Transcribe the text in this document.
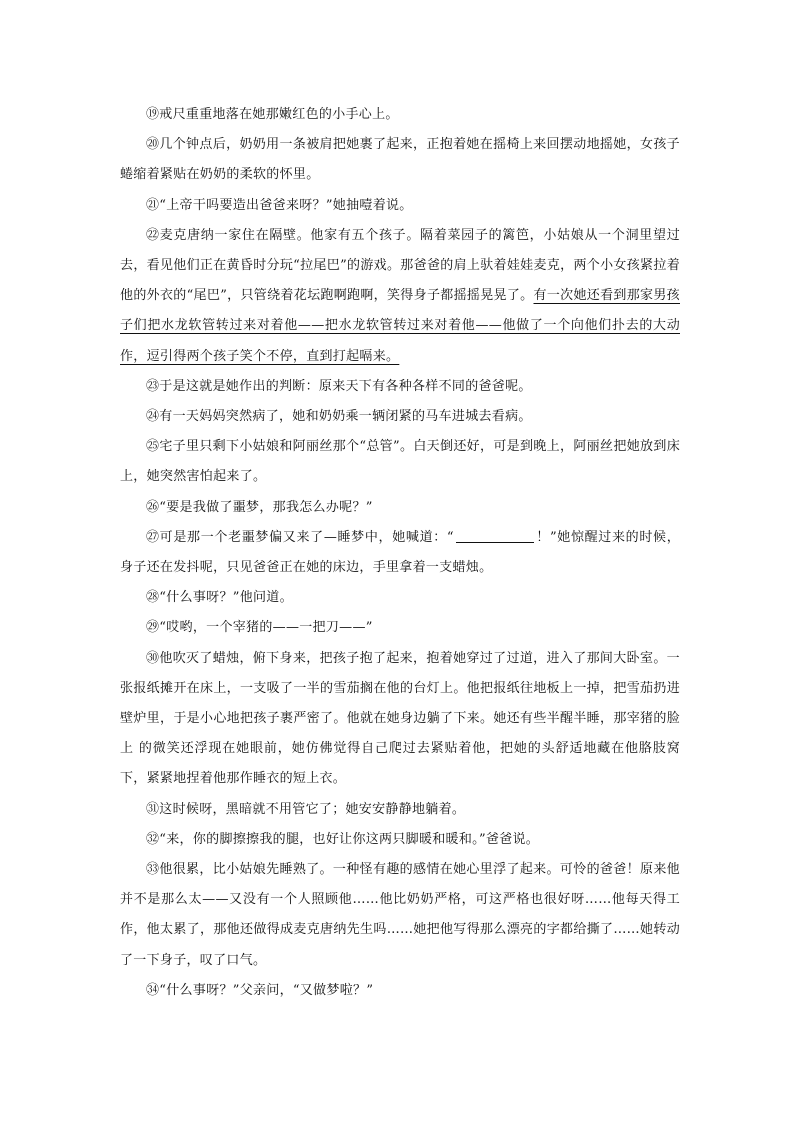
⑲戒尺重重地落在她那嫩红色的小手心上。

⑳几个钟点后，奶奶用一条被肩把她裹了起来，正抱着她在摇椅上来回摆动地摇她，女孩子蜷缩着紧贴在奶奶的柔软的怀里。

㉑“上帝干吗要造出爸爸来呀？”她抽噎着说。

㉒麦克唐纳一家住在隔壁。他家有五个孩子。隔着菜园子的篱笆，小姑娘从一个洞里望过去，看见他们正在黄昏时分玩“拉尾巴”的游戏。那爸爸的肩上驮着娃娃麦克，两个小女孩紧拉着他的外衣的“尾巴”，只管绕着花坛跑啊跑啊，笑得身子都摇摇晃晃了。有一次她还看到那家男孩子们把水龙软管转过来对着他——把水龙软管转过来对着他——他做了一个向他们扑去的大动作，逗引得两个孩子笑个不停，直到打起嗝来。

㉓于是这就是她作出的判断：原来天下有各种各样不同的爸爸呢。

㉔有一天妈妈突然病了，她和奶奶乘一辆闭紧的马车进城去看病。

㉕宅子里只剩下小姑娘和阿丽丝那个“总管”。白天倒还好，可是到晚上，阿丽丝把她放到床 上，她突然害怕起来了。

㉖“要是我做了噩梦，那我怎么办呢？”

㉗可是那一个老噩梦偏又来了—睡梦中，她喊道：“	！”她惊醒过来的时候，身子还在发抖呢，只见爸爸正在她的床边，手里拿着一支蜡烛。

㉘“什么事呀？”他问道。

㉙“哎哟，一个宰猪的——一把刀——”

㉚他吹灭了蜡烛，俯下身来，把孩子抱了起来，抱着她穿过了过道，进入了那间大卧室。一张报纸摊开在床上，一支吸了一半的雪茄搁在他的台灯上。他把报纸往地板上一掉，把雪茄扔进壁炉里，于是小心地把孩子裹严密了。他就在她身边躺了下来。她还有些半醒半睡，那宰猪的脸上 的微笑还浮现在她眼前，她仿佛觉得自己爬过去紧贴着他，把她的头舒适地藏在他胳肢窝下，紧紧地捏着他那作睡衣的短上衣。

㉛这时候呀，黑暗就不用管它了；她安安静静地躺着。

㉜“来，你的脚擦擦我的腿，也好让你这两只脚暖和暖和。”爸爸说。

㉝他很累，比小姑娘先睡熟了。一种怪有趣的感情在她心里浮了起来。可怜的爸爸！原来他并不是那么太——又没有一个人照顾他……他比奶奶严格，可这严格也很好呀……他每天得工作，他太累了，那他还做得成麦克唐纳先生吗……她把他写得那么漂亮的字都给撕了……她转动了一下身子，叹了口气。

㉞“什么事呀？”父亲问，“又做梦啦？”
